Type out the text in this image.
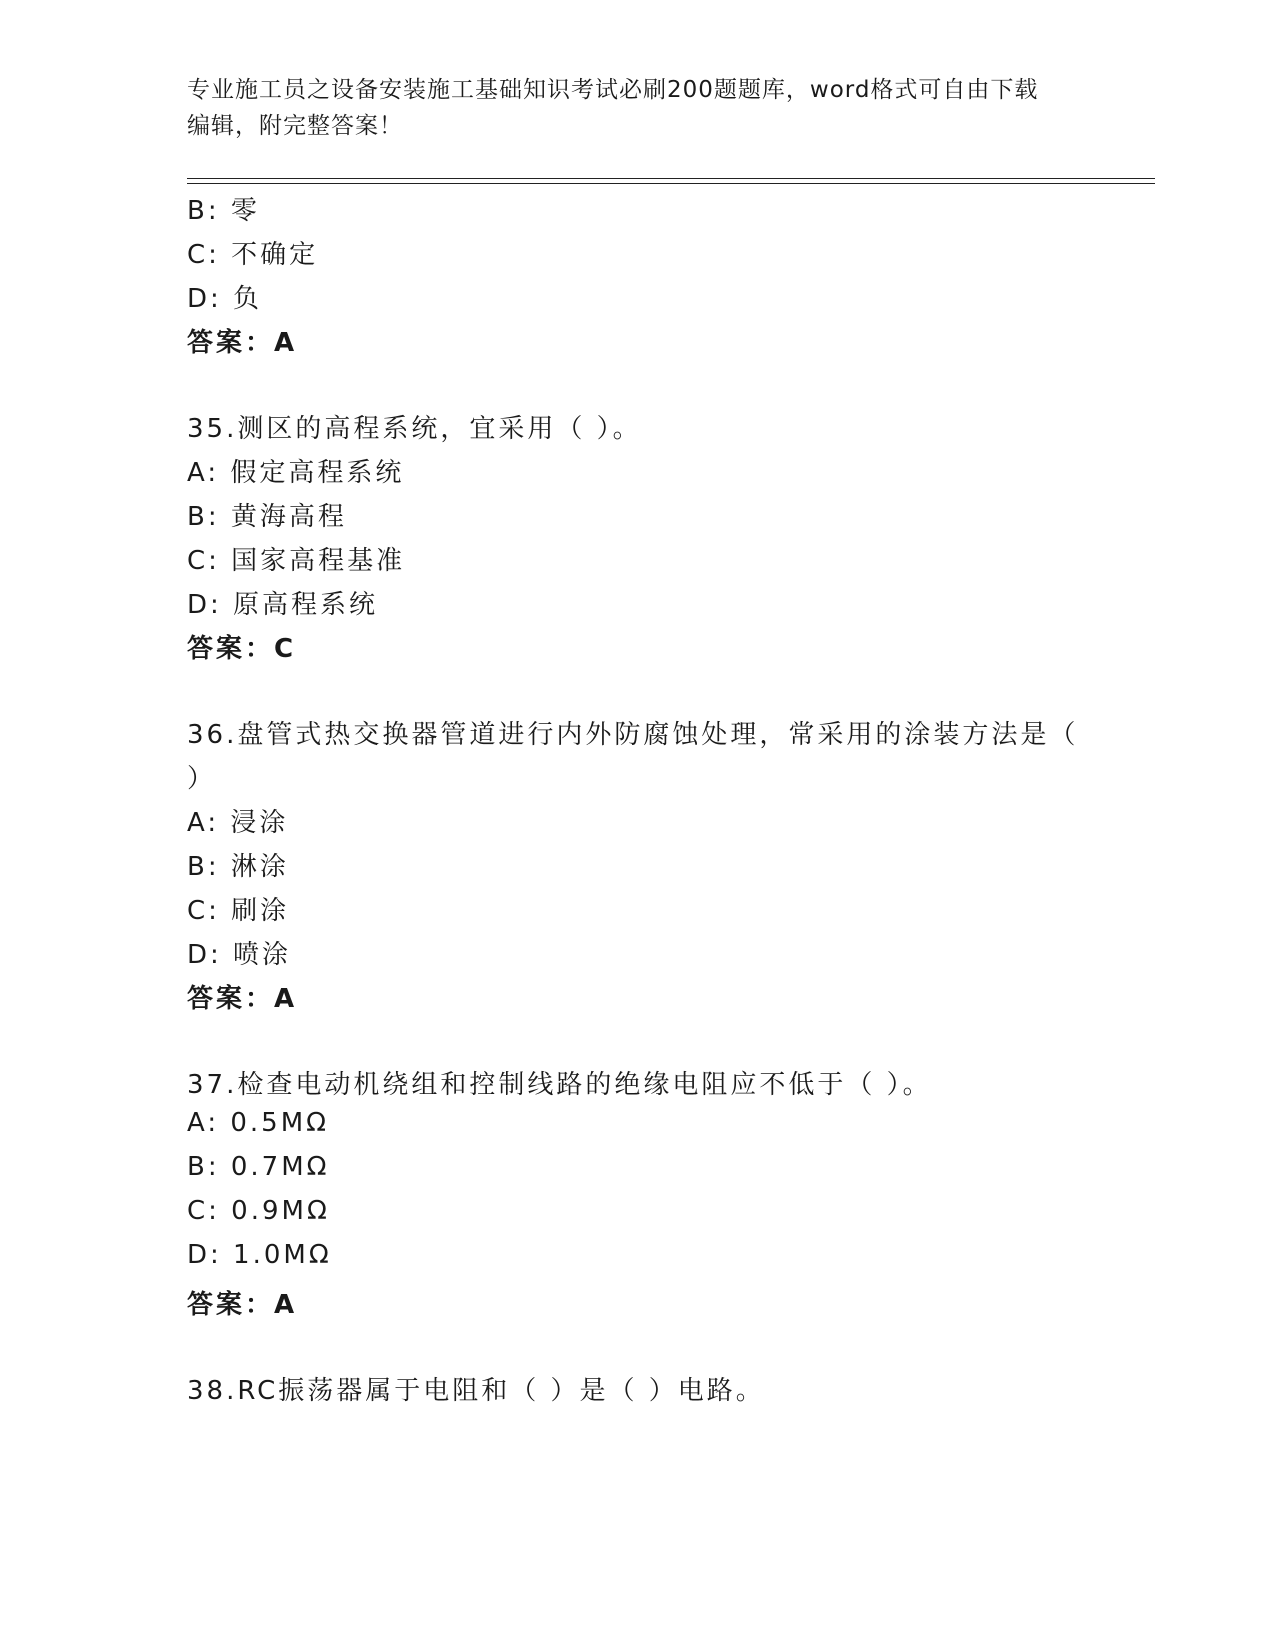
专业施工员之设备安装施工基础知识考试必刷200题题库，word格式可自由下载
编辑，附完整答案！
B: 零
C: 不确定
D: 负
答案：A
35.测区的高程系统，宜采用（ ）。
A: 假定高程系统
B: 黄海高程
C: 国家高程基准
D: 原高程系统
答案：C
36.盘管式热交换器管道进行内外防腐蚀处理，常采用的涂装方法是（
）
A: 浸涂
B: 淋涂
C: 刷涂
D: 喷涂
答案：A
37.检查电动机绕组和控制线路的绝缘电阻应不低于（ ）。
A: 0.5MΩ
B: 0.7MΩ
C: 0.9MΩ
D: 1.0MΩ
答案：A
38.RC振荡器属于电阻和（ ）是（ ）电路。
